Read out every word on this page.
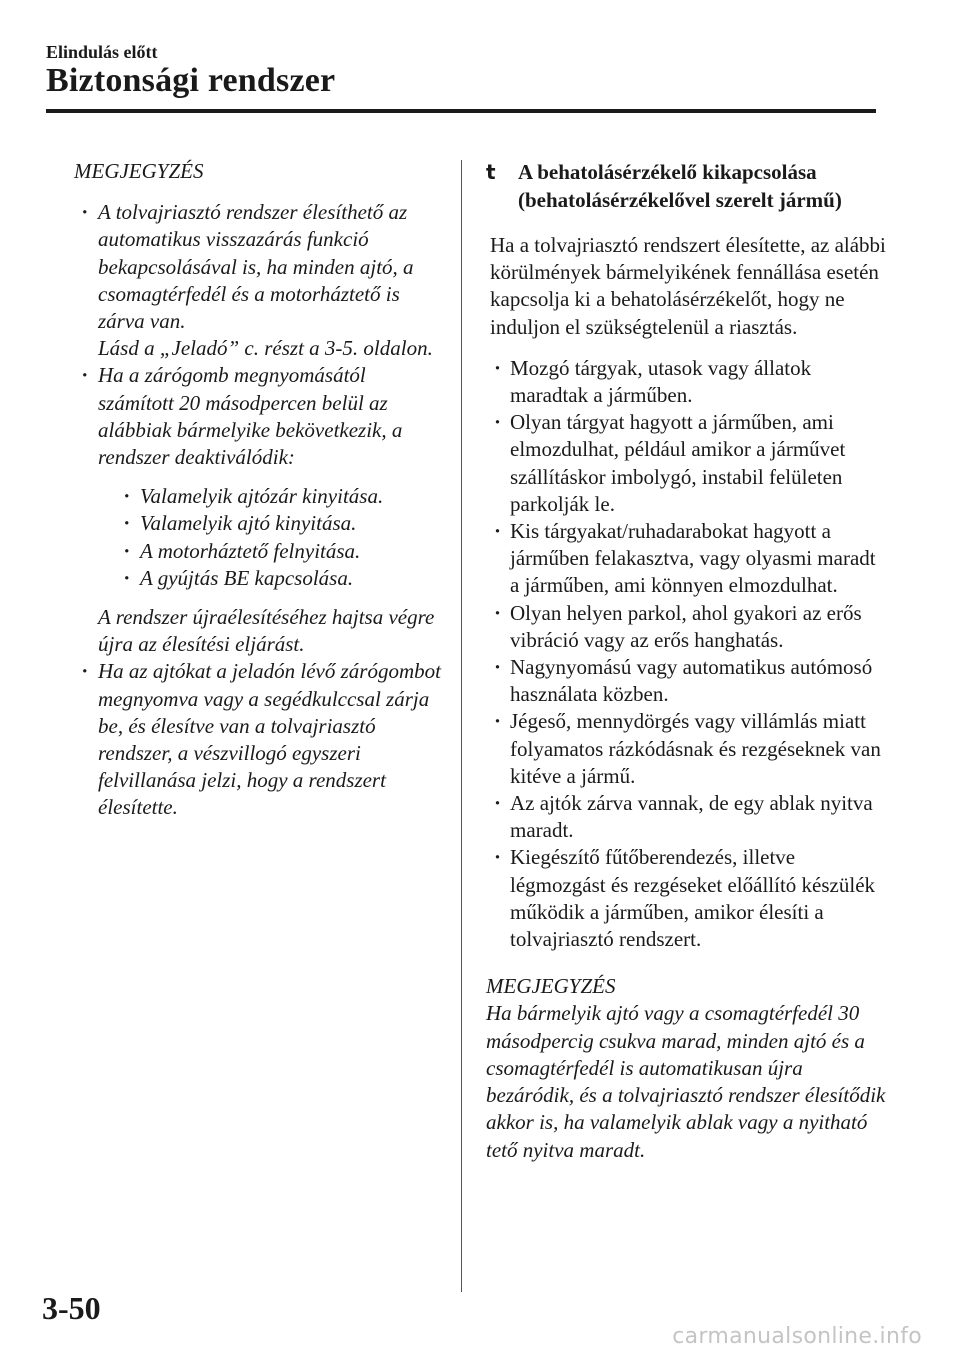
Elindulás előtt
Biztonsági rendszer
MEGJEGYZÉS
· A tolvajriasztó rendszer élesíthető az automatikus visszazárás funkció bekapcsolásával is, ha minden ajtó, a csomagtérfedél és a motorháztető is zárva van.
Lásd a „Jeladó” c. részt a 3-5. oldalon.
· Ha a zárógomb megnyomásától számított 20 másodpercen belül az alábbiak bármelyike bekövetkezik, a rendszer deaktiválódik:
· Valamelyik ajtózár kinyitása.
· Valamelyik ajtó kinyitása.
· A motorháztető felnyitása.
· A gyújtás BE kapcsolása.
A rendszer újraélesítéséhez hajtsa végre újra az élesítési eljárást.
· Ha az ajtókat a jeladón lévő zárógombot megnyomva vagy a segédkulccsal zárja be, és élesítve van a tolvajriasztó rendszer, a vészvillogó egyszeri felvillanása jelzi, hogy a rendszert élesítette.
t A behatolásérzékelő kikapcsolása
(behatolásérzékelővel szerelt jármű)
Ha a tolvajriasztó rendszert élesítette, az alábbi körülmények bármelyikének fennállása esetén kapcsolja ki a behatolásérzékelőt, hogy ne induljon el szükségtelenül a riasztás.
· Mozgó tárgyak, utasok vagy állatok maradtak a járműben.
· Olyan tárgyat hagyott a járműben, ami elmozdulhat, például amikor a járművet szállításkor imbolygó, instabil felületen parkolják le.
· Kis tárgyakat/ruhadarabokat hagyott a járműben felakasztva, vagy olyasmi maradt a járműben, ami könnyen elmozdulhat.
· Olyan helyen parkol, ahol gyakori az erős vibráció vagy az erős hanghatás.
· Nagynyomású vagy automatikus autómosó használata közben.
· Jégeső, mennydörgés vagy villámlás miatt folyamatos rázkódásnak és rezgéseknek van kitéve a jármű.
· Az ajtók zárva vannak, de egy ablak nyitva maradt.
· Kiegészítő fűtőberendezés, illetve légmozgást és rezgéseket előállító készülék működik a járműben, amikor élesíti a tolvajriasztó rendszert.
MEGJEGYZÉS
Ha bármelyik ajtó vagy a csomagtérfedél 30 másodpercig csukva marad, minden ajtó és a csomagtérfedél is automatikusan újra bezáródik, és a tolvajriasztó rendszer élesítődik akkor is, ha valamelyik ablak vagy a nyitható tető nyitva maradt.
3-50
carmanualsonline.info
